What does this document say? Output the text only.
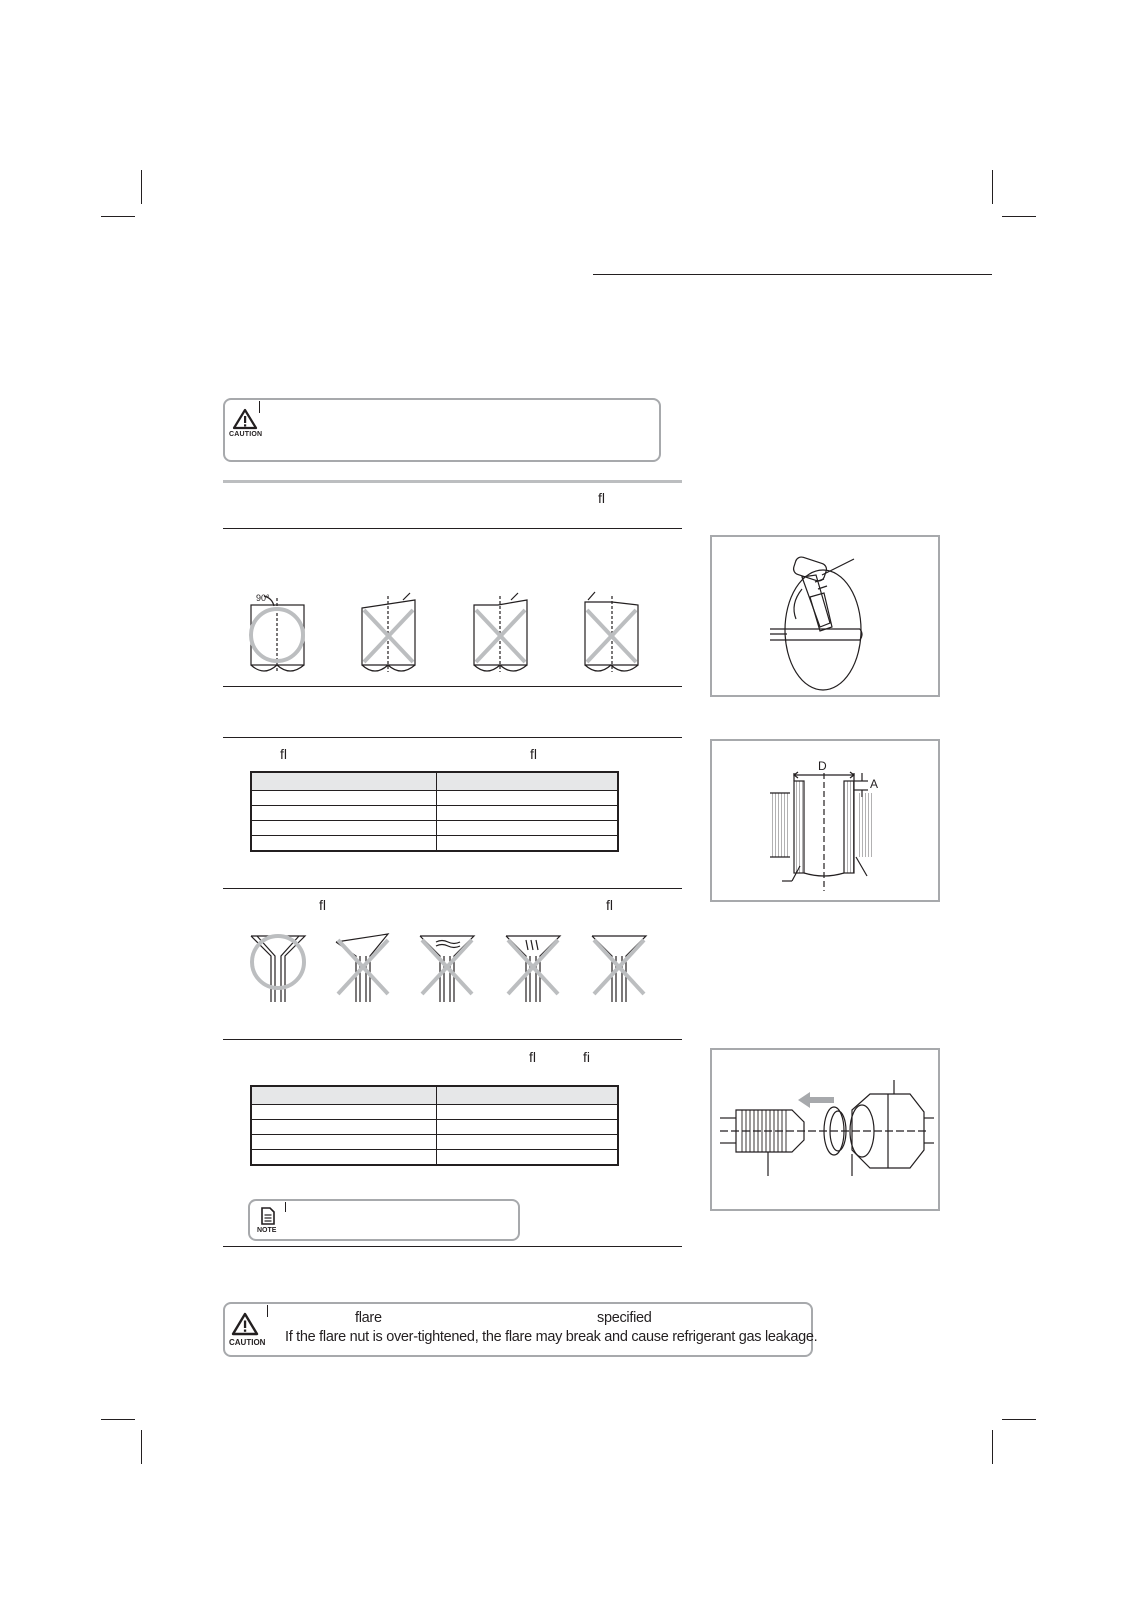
CAUTION
fl
fl	fl
fl	fl
fl	fi
90°

D
A

NOTE
CAUTION
flare	specified
If the flare nut is over-tightened, the flare may break and cause refrigerant gas leakage.
